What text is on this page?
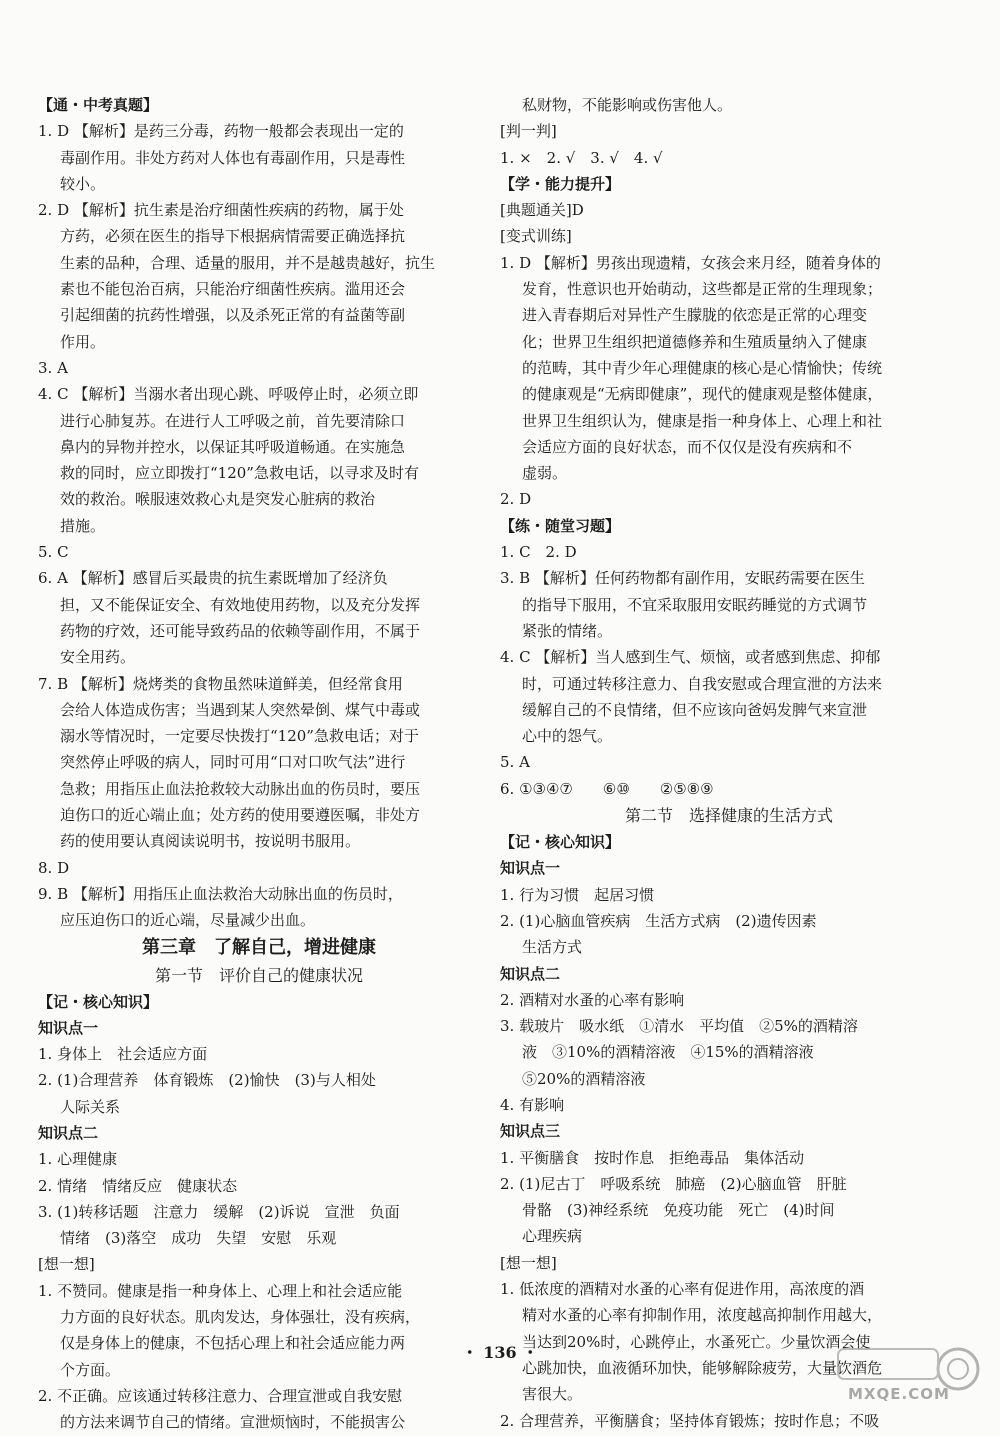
【通・中考真题】
1. D 【解析】是药三分毒，药物一般都会表现出一定的
毒副作用。非处方药对人体也有毒副作用，只是毒性
较小。
2. D 【解析】抗生素是治疗细菌性疾病的药物，属于处
方药，必须在医生的指导下根据病情需要正确选择抗
生素的品种，合理、适量的服用，并不是越贵越好，抗生
素也不能包治百病，只能治疗细菌性疾病。滥用还会
引起细菌的抗药性增强，以及杀死正常的有益菌等副
作用。
3. A
4. C 【解析】当溺水者出现心跳、呼吸停止时，必须立即
进行心肺复苏。在进行人工呼吸之前，首先要清除口
鼻内的异物并控水，以保证其呼吸道畅通。在实施急
救的同时，应立即拨打“120”急救电话，以寻求及时有
效的救治。喉服速效救心丸是突发心脏病的救治
措施。
5. C
6. A 【解析】感冒后买最贵的抗生素既增加了经济负
担，又不能保证安全、有效地使用药物，以及充分发挥
药物的疗效，还可能导致药品的依赖等副作用，不属于
安全用药。
7. B 【解析】烧烤类的食物虽然味道鲜美，但经常食用
会给人体造成伤害；当遇到某人突然晕倒、煤气中毒或
溺水等情况时，一定要尽快拨打“120”急救电话；对于
突然停止呼吸的病人，同时可用“口对口吹气法”进行
急救；用指压止血法抢救较大动脉出血的伤员时，要压
迫伤口的近心端止血；处方药的使用要遵医嘱，非处方
药的使用要认真阅读说明书，按说明书服用。
8. D
9. B 【解析】用指压止血法救治大动脉出血的伤员时，
应压迫伤口的近心端，尽量减少出血。
第三章　了解自己，增进健康
第一节　评价自己的健康状况
【记・核心知识】
知识点一
1. 身体上　社会适应方面
2. (1)合理营养　体育锻炼　(2)愉快　(3)与人相处
人际关系
知识点二
1. 心理健康
2. 情绪　情绪反应　健康状态
3. (1)转移话题　注意力　缓解　(2)诉说　宣泄　负面
情绪　(3)落空　成功　失望　安慰　乐观
[想一想]
1. 不赞同。健康是指一种身体上、心理上和社会适应能
力方面的良好状态。肌肉发达，身体强壮，没有疾病，
仅是身体上的健康，不包括心理上和社会适应能力两
个方面。
2. 不正确。应该通过转移注意力、合理宣泄或自我安慰
的方法来调节自己的情绪。宣泄烦恼时，不能损害公
私财物，不能影响或伤害他人。
[判一判]
1. ×　2. √　3. √　4. √
【学・能力提升】
[典题通关]D
[变式训练]
1. D 【解析】男孩出现遗精，女孩会来月经，随着身体的
发育，性意识也开始萌动，这些都是正常的生理现象；
进入青春期后对异性产生朦胧的依恋是正常的心理变
化；世界卫生组织把道德修养和生殖质量纳入了健康
的范畴，其中青少年心理健康的核心是心情愉快；传统
的健康观是“无病即健康”，现代的健康观是整体健康，
世界卫生组织认为，健康是指一种身体上、心理上和社
会适应方面的良好状态，而不仅仅是没有疾病和不
虚弱。
2. D
【练・随堂习题】
1. C　2. D
3. B 【解析】任何药物都有副作用，安眠药需要在医生
的指导下服用，不宜采取服用安眠药睡觉的方式调节
紧张的情绪。
4. C 【解析】当人感到生气、烦恼，或者感到焦虑、抑郁
时，可通过转移注意力、自我安慰或合理宣泄的方法来
缓解自己的不良情绪，但不应该向爸妈发脾气来宣泄
心中的怨气。
5. A
6. ①③④⑦　　⑥⑩　　②⑤⑧⑨
第二节　选择健康的生活方式
【记・核心知识】
知识点一
1. 行为习惯　起居习惯
2. (1)心脑血管疾病　生活方式病　(2)遗传因素
生活方式
知识点二
2. 酒精对水蚤的心率有影响
3. 载玻片　吸水纸　①清水　平均值　②5%的酒精溶
液　③10%的酒精溶液　④15%的酒精溶液
⑤20%的酒精溶液
4. 有影响
知识点三
1. 平衡膳食　按时作息　拒绝毒品　集体活动
2. (1)尼古丁　呼吸系统　肺癌　(2)心脑血管　肝脏
骨骼　(3)神经系统　免疫功能　死亡　(4)时间
心理疾病
[想一想]
1. 低浓度的酒精对水蚤的心率有促进作用，高浓度的酒
精对水蚤的心率有抑制作用，浓度越高抑制作用越大，
当达到20%时，心跳停止，水蚤死亡。少量饮酒会使
心跳加快，血液循环加快，能够解除疲劳，大量饮酒危
害很大。
2. 合理营养，平衡膳食；坚持体育锻炼；按时作息；不吸
・ 136 ・
MXQE.COM
